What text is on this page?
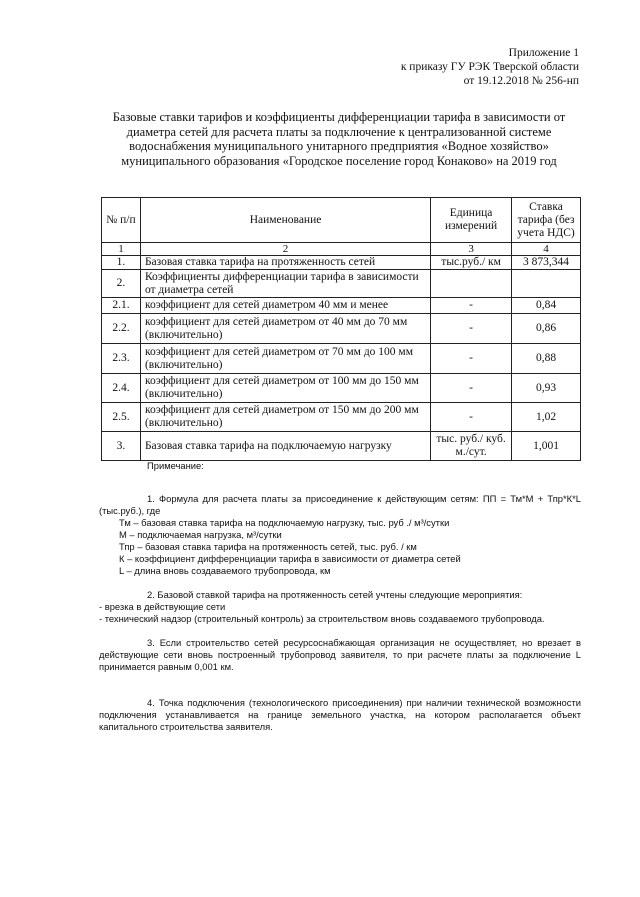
Приложение 1
к приказу ГУ РЭК Тверской области
от 19.12.2018 № 256-нп
Базовые ставки тарифов и коэффициенты дифференциации тарифа в зависимости от
диаметра сетей для расчета платы за подключение к централизованной системе
водоснабжения муниципального унитарного предприятия «Водное хозяйство»
муниципального образования «Городское поселение город Конаково» на 2019 год
№ п/п	Наименование	Единица измерений	Ставка тарифа (без учета НДС)
1	2	3	4
1.	Базовая ставка тарифа на протяженность сетей	тыс.руб./ км	3 873,344
2.	Коэффициенты дифференциации тарифа в зависимости от диаметра сетей		
2.1.	коэффициент для сетей диаметром 40 мм и менее	-	0,84
2.2.	коэффициент для сетей диаметром от 40 мм до 70 мм (включительно)	-	0,86
2.3.	коэффициент для сетей диаметром от 70 мм до 100 мм (включительно)	-	0,88
2.4.	коэффициент для сетей диаметром от 100 мм до 150 мм (включительно)	-	0,93
2.5.	коэффициент для сетей диаметром от 150 мм до 200 мм (включительно)	-	1,02
3.	Базовая ставка тарифа на подключаемую нагрузку	тыс. руб./ куб. м./сут.	1,001
Примечание:

1. Формула для расчета платы за присоединение к действующим сетям: ПП = Тм*М + Тпр*К*L (тыс.руб.), где

Тм – базовая ставка тарифа на подключаемую нагрузку, тыс. руб ./ м³/сутки

М – подключаемая нагрузка, м³/сутки

Тпр – базовая ставка тарифа на протяженность сетей, тыс. руб. / км

К – коэффициент дифференциации тарифа в зависимости от диаметра сетей

L – длина вновь создаваемого трубопровода, км

2. Базовой ставкой тарифа на протяженность сетей учтены следующие мероприятия:

- врезка в действующие сети

- технический надзор (строительный контроль) за строительством вновь создаваемого трубопровода.

3. Если строительство сетей ресурсоснабжающая организация не осуществляет, но врезает в действующие сети вновь построенный трубопровод заявителя, то при расчете платы за подключение L принимается равным 0,001 км.

4. Точка подключения (технологического присоединения) при наличии технической возможности подключения устанавливается на границе земельного участка, на котором располагается объект капитального строительства заявителя.
